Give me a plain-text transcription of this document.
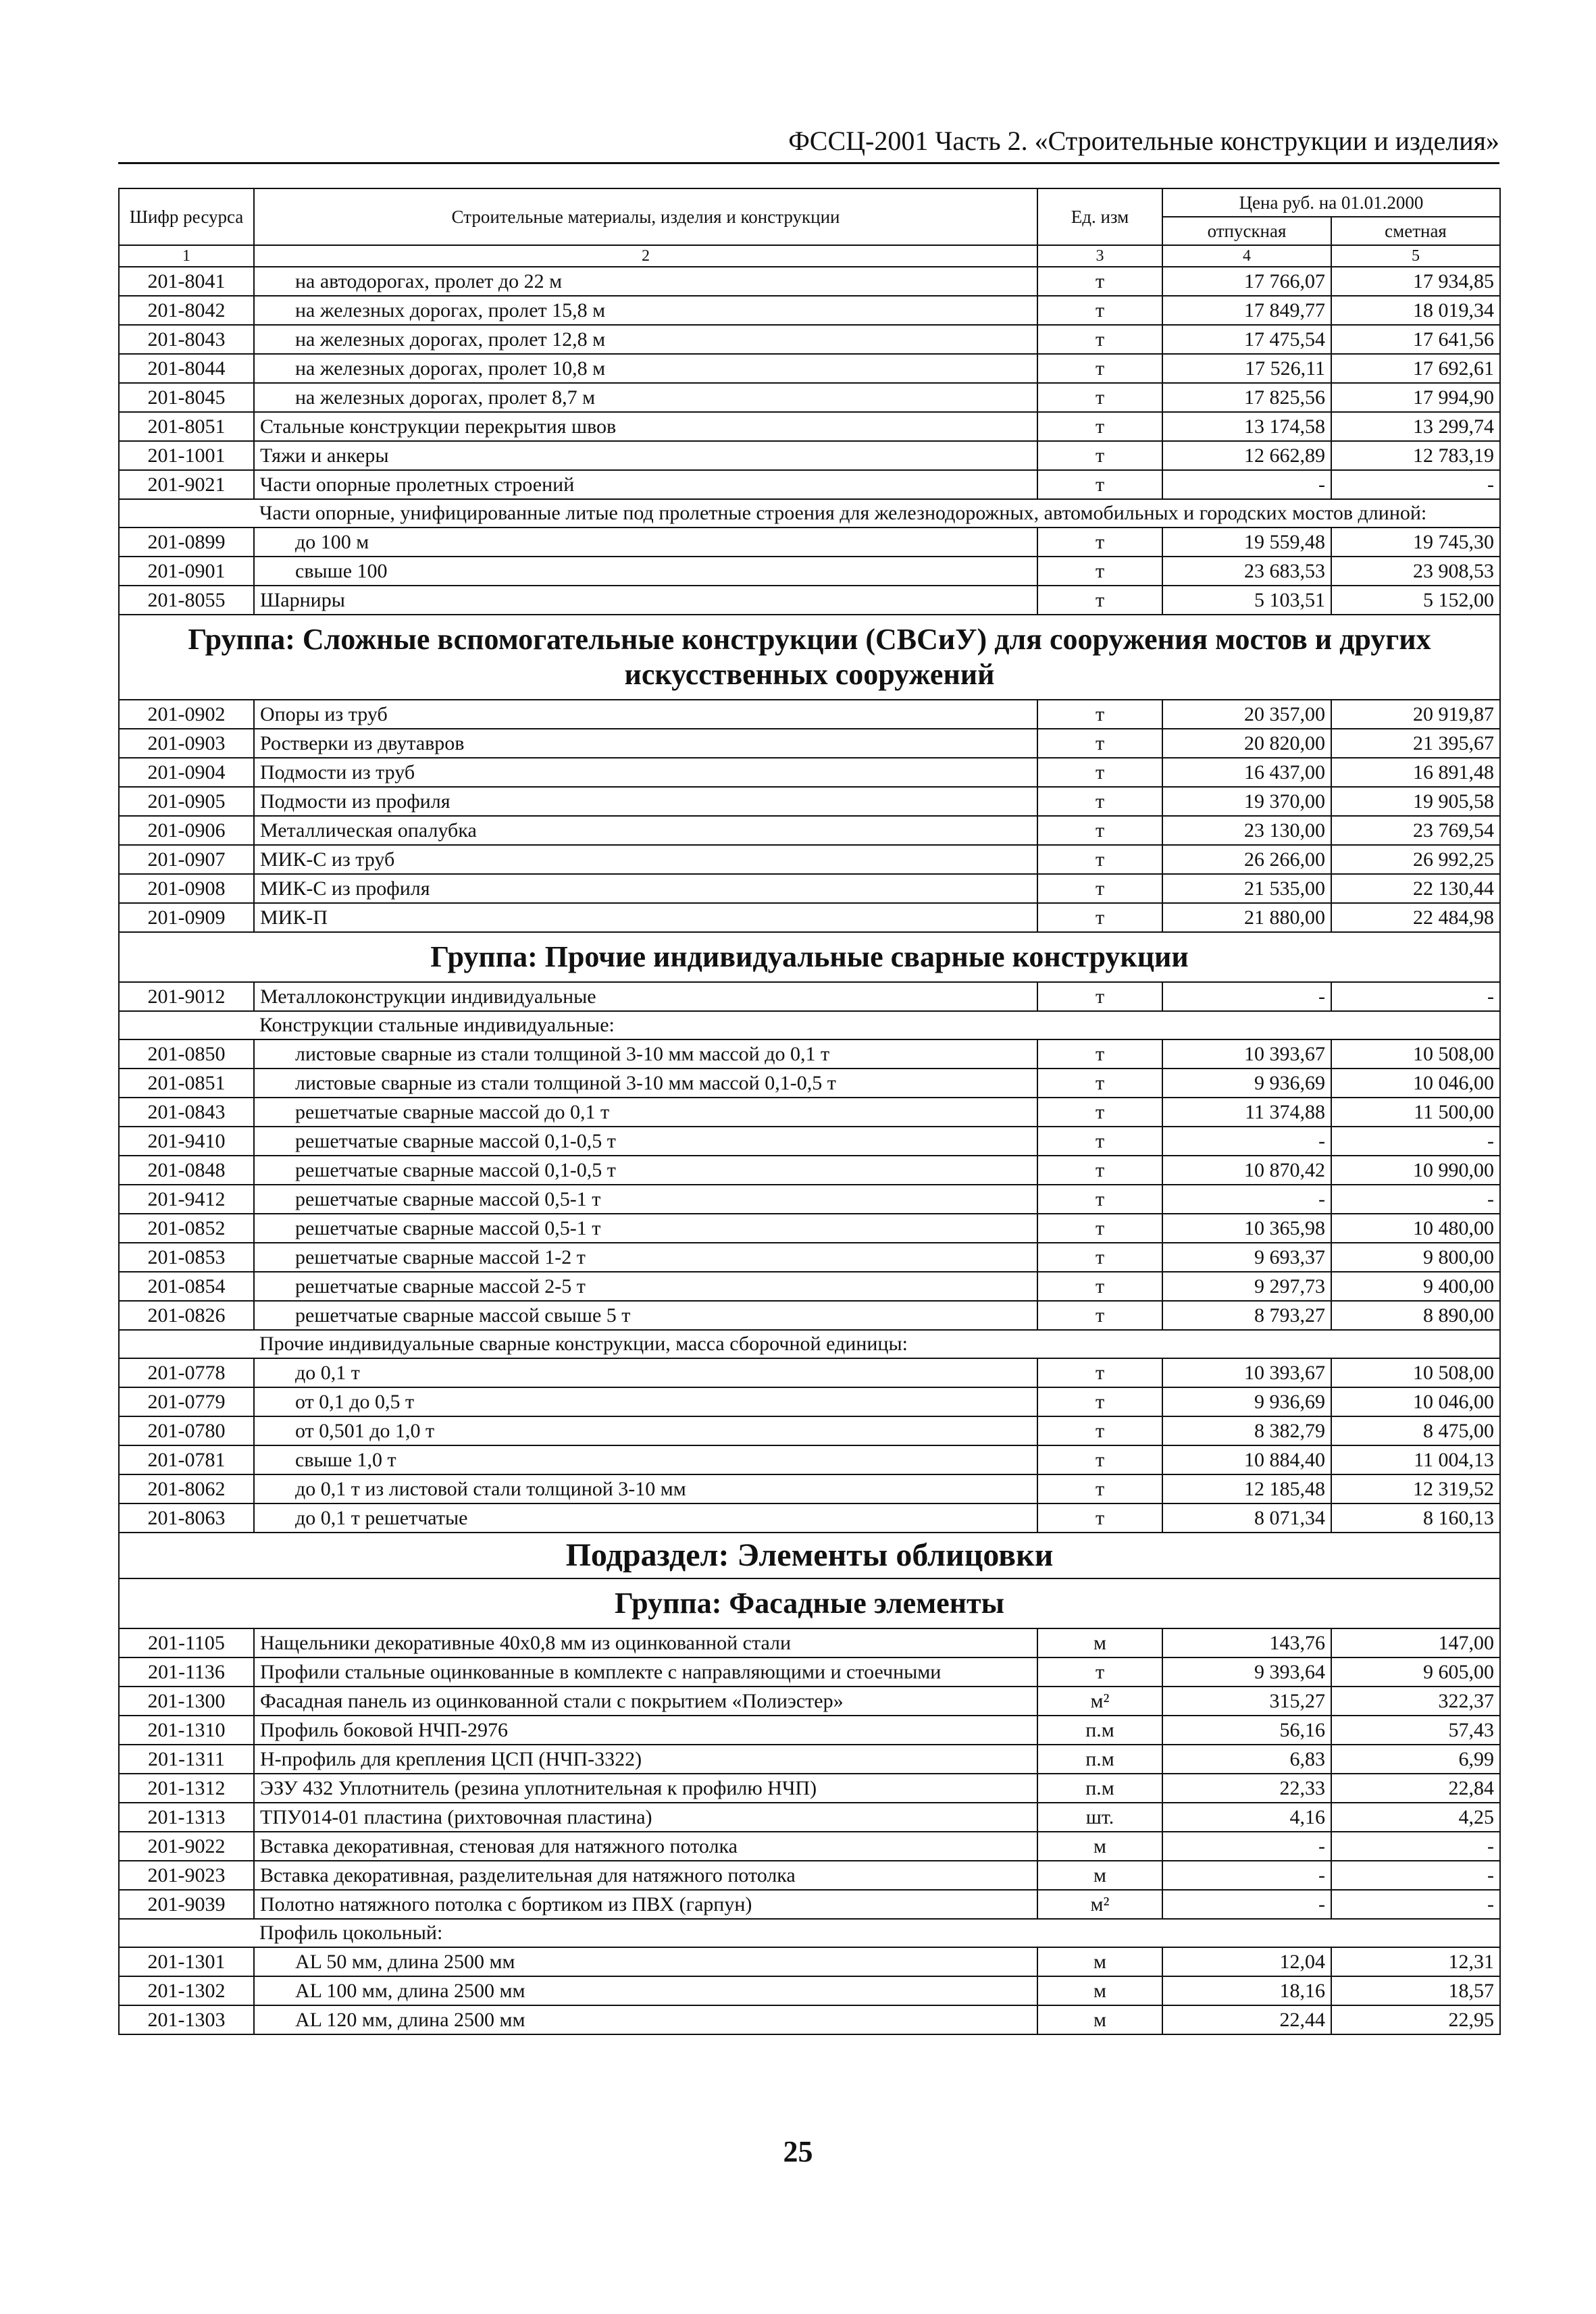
ФССЦ-2001 Часть 2. «Строительные конструкции и изделия»
Шифр ресурса	Строительные материалы, изделия и конструкции	Ед. изм	Цена руб. на 01.01.2000	
			отпускная	сметная
1	2	3	4	5
201-8041	на автодорогах, пролет до 22 м	т	17 766,07	17 934,85
201-8042	на железных дорогах, пролет 15,8 м	т	17 849,77	18 019,34
201-8043	на железных дорогах, пролет 12,8 м	т	17 475,54	17 641,56
201-8044	на железных дорогах, пролет 10,8 м	т	17 526,11	17 692,61
201-8045	на железных дорогах, пролет 8,7 м	т	17 825,56	17 994,90
201-8051	Стальные конструкции перекрытия швов	т	13 174,58	13 299,74
201-1001	Тяжи и анкеры	т	12 662,89	12 783,19
201-9021	Части опорные пролетных строений	т	-	-
	Части опорные, унифицированные литые под пролетные строения для железнодорожных, автомобильных и городских мостов длиной:			
201-0899	до 100 м	т	19 559,48	19 745,30
201-0901	свыше 100	т	23 683,53	23 908,53
201-8055	Шарниры	т	5 103,51	5 152,00
Группа: Сложные вспомогательные конструкции (СВСиУ) для сооружения мостов и других искусственных сооружений				
201-0902	Опоры из труб	т	20 357,00	20 919,87
201-0903	Ростверки из двутавров	т	20 820,00	21 395,67
201-0904	Подмости из труб	т	16 437,00	16 891,48
201-0905	Подмости из профиля	т	19 370,00	19 905,58
201-0906	Металлическая опалубка	т	23 130,00	23 769,54
201-0907	МИК-С из труб	т	26 266,00	26 992,25
201-0908	МИК-С из профиля	т	21 535,00	22 130,44
201-0909	МИК-П	т	21 880,00	22 484,98
Группа: Прочие индивидуальные сварные конструкции				
201-9012	Металлоконструкции индивидуальные	т	-	-
	Конструкции стальные индивидуальные:			
201-0850	листовые сварные из стали толщиной 3-10 мм массой до 0,1 т	т	10 393,67	10 508,00
201-0851	листовые сварные из стали толщиной 3-10 мм массой 0,1-0,5 т	т	9 936,69	10 046,00
201-0843	решетчатые сварные массой до 0,1 т	т	11 374,88	11 500,00
201-9410	решетчатые сварные массой 0,1-0,5 т	т	-	-
201-0848	решетчатые сварные массой 0,1-0,5 т	т	10 870,42	10 990,00
201-9412	решетчатые сварные массой 0,5-1 т	т	-	-
201-0852	решетчатые сварные массой 0,5-1 т	т	10 365,98	10 480,00
201-0853	решетчатые сварные массой 1-2 т	т	9 693,37	9 800,00
201-0854	решетчатые сварные массой 2-5 т	т	9 297,73	9 400,00
201-0826	решетчатые сварные массой свыше 5 т	т	8 793,27	8 890,00
	Прочие индивидуальные сварные конструкции, масса сборочной единицы:			
201-0778	до 0,1 т	т	10 393,67	10 508,00
201-0779	от 0,1 до 0,5 т	т	9 936,69	10 046,00
201-0780	от 0,501 до 1,0 т	т	8 382,79	8 475,00
201-0781	свыше 1,0 т	т	10 884,40	11 004,13
201-8062	до 0,1 т из листовой стали толщиной 3-10 мм	т	12 185,48	12 319,52
201-8063	до 0,1 т решетчатые	т	8 071,34	8 160,13
Подраздел: Элементы облицовки				
Группа: Фасадные элементы				
201-1105	Нащельники декоративные 40х0,8 мм из оцинкованной стали	м	143,76	147,00
201-1136	Профили стальные оцинкованные в комплекте с направляющими и стоечными	т	9 393,64	9 605,00
201-1300	Фасадная панель из оцинкованной стали с покрытием «Полиэстер»	м²	315,27	322,37
201-1310	Профиль боковой НЧП-2976	п.м	56,16	57,43
201-1311	Н-профиль для крепления ЦСП (НЧП-3322)	п.м	6,83	6,99
201-1312	ЭЗУ 432 Уплотнитель (резина уплотнительная к профилю НЧП)	п.м	22,33	22,84
201-1313	ТПУ014-01 пластина (рихтовочная пластина)	шт.	4,16	4,25
201-9022	Вставка декоративная, стеновая для натяжного потолка	м	-	-
201-9023	Вставка декоративная, разделительная для натяжного потолка	м	-	-
201-9039	Полотно натяжного потолка с бортиком из ПВХ (гарпун)	м²	-	-
	Профиль цокольный:			
201-1301	AL 50 мм, длина 2500 мм	м	12,04	12,31
201-1302	AL 100 мм, длина 2500 мм	м	18,16	18,57
201-1303	AL 120 мм, длина 2500 мм	м	22,44	22,95
25
